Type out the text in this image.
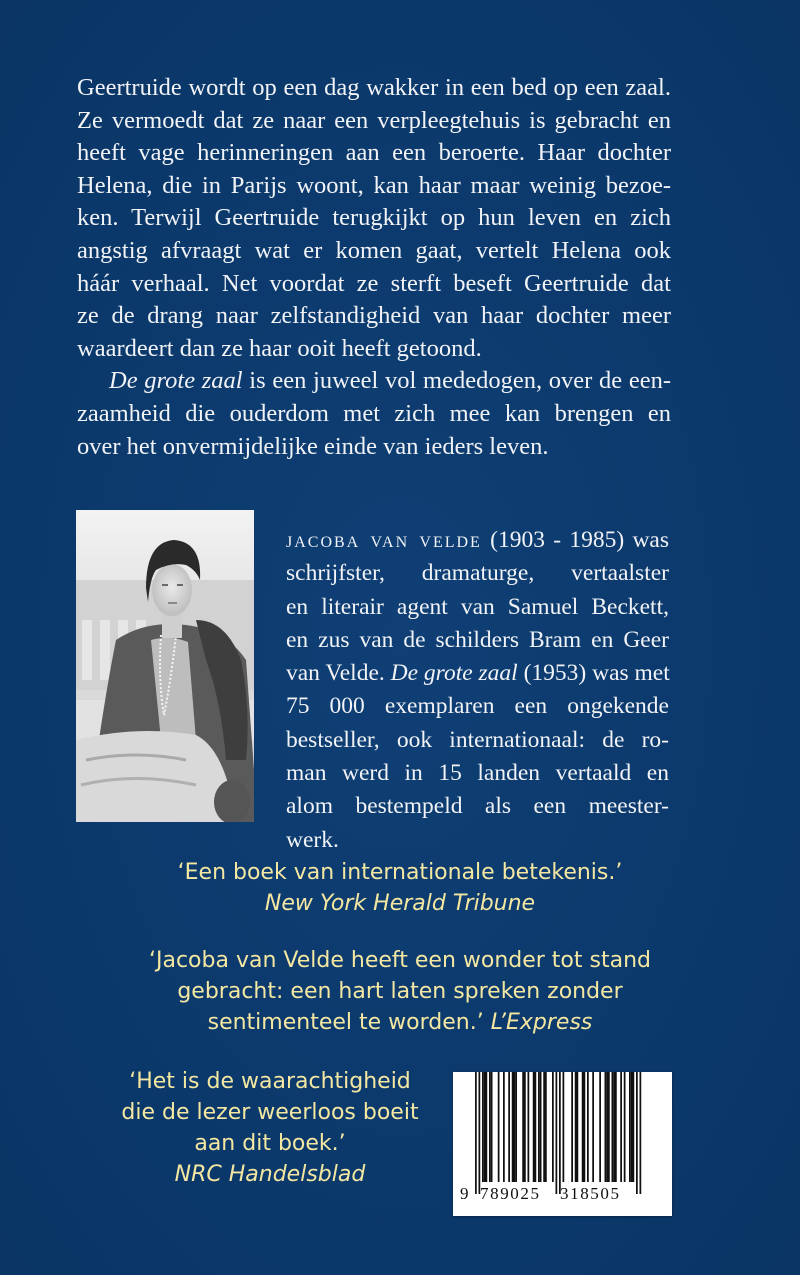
Geertruide wordt op een dag wakker in een bed op een zaal.
Ze vermoedt dat ze naar een verpleegtehuis is gebracht en
heeft vage herinneringen aan een beroerte. Haar dochter
Helena, die in Parijs woont, kan haar maar weinig bezoe-
ken. Terwijl Geertruide terugkijkt op hun leven en zich
angstig afvraagt wat er komen gaat, vertelt Helena ook
háár verhaal. Net voordat ze sterft beseft Geertruide dat
ze de drang naar zelfstandigheid van haar dochter meer
waardeert dan ze haar ooit heeft getoond.
De grote zaal is een juweel vol mededogen, over de een-
zaamheid die ouderdom met zich mee kan brengen en
over het onvermijdelijke einde van ieders leven.
jacoba van velde (1903 - 1985) was
schrijfster, dramaturge, vertaalster
en literair agent van Samuel Beckett,
en zus van de schilders Bram en Geer
van Velde. De grote zaal (1953) was met
75 000 exemplaren een ongekende
bestseller, ook internationaal: de ro-
man werd in 15 landen vertaald en
alom bestempeld als een meester-
werk.
‘Een boek van internationale betekenis.’
New York Herald Tribune
‘Jacoba van Velde heeft een wonder tot stand
gebracht: een hart laten spreken zonder
sentimenteel te worden.’ L’Express
‘Het is de waarachtigheid
die de lezer weerloos boeit
aan dit boek.’
NRC Handelsblad
9 789025 318505
